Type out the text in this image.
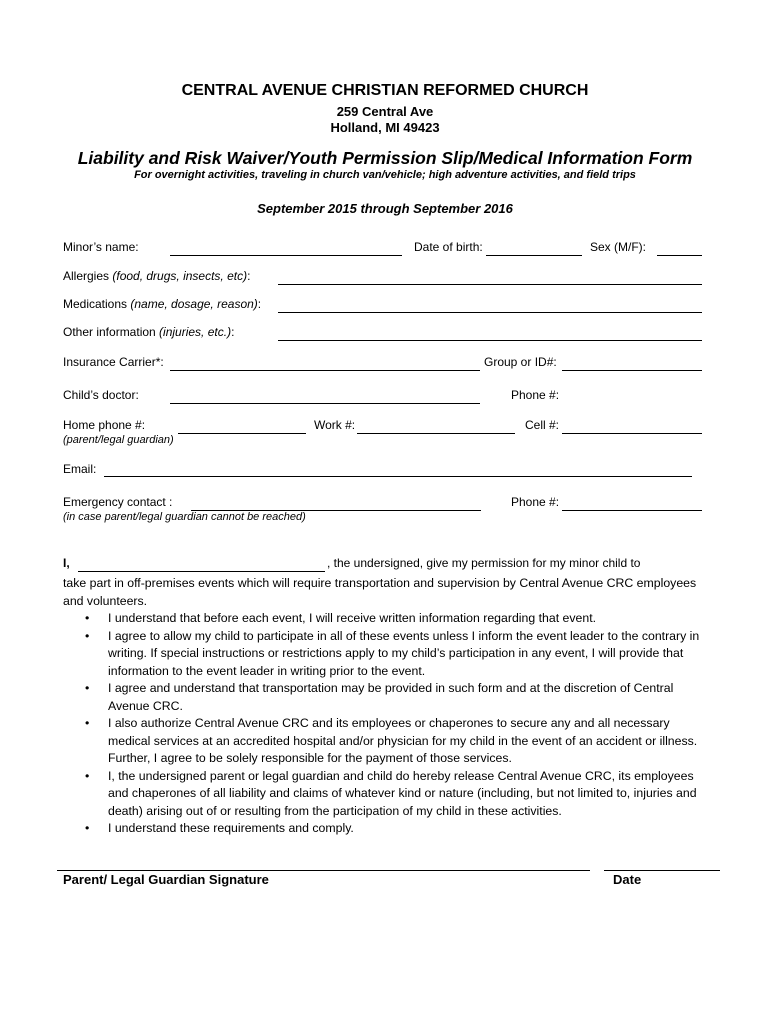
CENTRAL AVENUE CHRISTIAN REFORMED CHURCH
259 Central Ave
Holland, MI 49423
Liability and Risk Waiver/Youth Permission Slip/Medical Information Form
For overnight activities, traveling in church van/vehicle; high adventure activities, and field trips
September 2015 through September 2016
Minor’s name:	Date of birth:	Sex (M/F):
Allergies (food, drugs, insects, etc):
Medications (name, dosage, reason):
Other information (injuries, etc.):
Insurance Carrier*:	Group or ID#:
Child’s doctor:	Phone #:
Home phone #:	Work #:	Cell #:
(parent/legal guardian)
Email:
Emergency contact :	Phone #:
(in case parent/legal guardian cannot be reached)
I,	, the undersigned, give my permission for my minor child to
take part in off-premises events which will require transportation and supervision by Central Avenue CRC employees and volunteers.
• I understand that before each event, I will receive written information regarding that event.
• I agree to allow my child to participate in all of these events unless I inform the event leader to the contrary in writing. If special instructions or restrictions apply to my child’s participation in any event, I will provide that information to the event leader in writing prior to the event.
• I agree and understand that transportation may be provided in such form and at the discretion of Central Avenue CRC.
• I also authorize Central Avenue CRC and its employees or chaperones to secure any and all necessary medical services at an accredited hospital and/or physician for my child in the event of an accident or illness. Further, I agree to be solely responsible for the payment of those services.
• I, the undersigned parent or legal guardian and child do hereby release Central Avenue CRC, its employees and chaperones of all liability and claims of whatever kind or nature (including, but not limited to, injuries and death) arising out of or resulting from the participation of my child in these activities.
• I understand these requirements and comply.
Parent/ Legal Guardian Signature	Date
